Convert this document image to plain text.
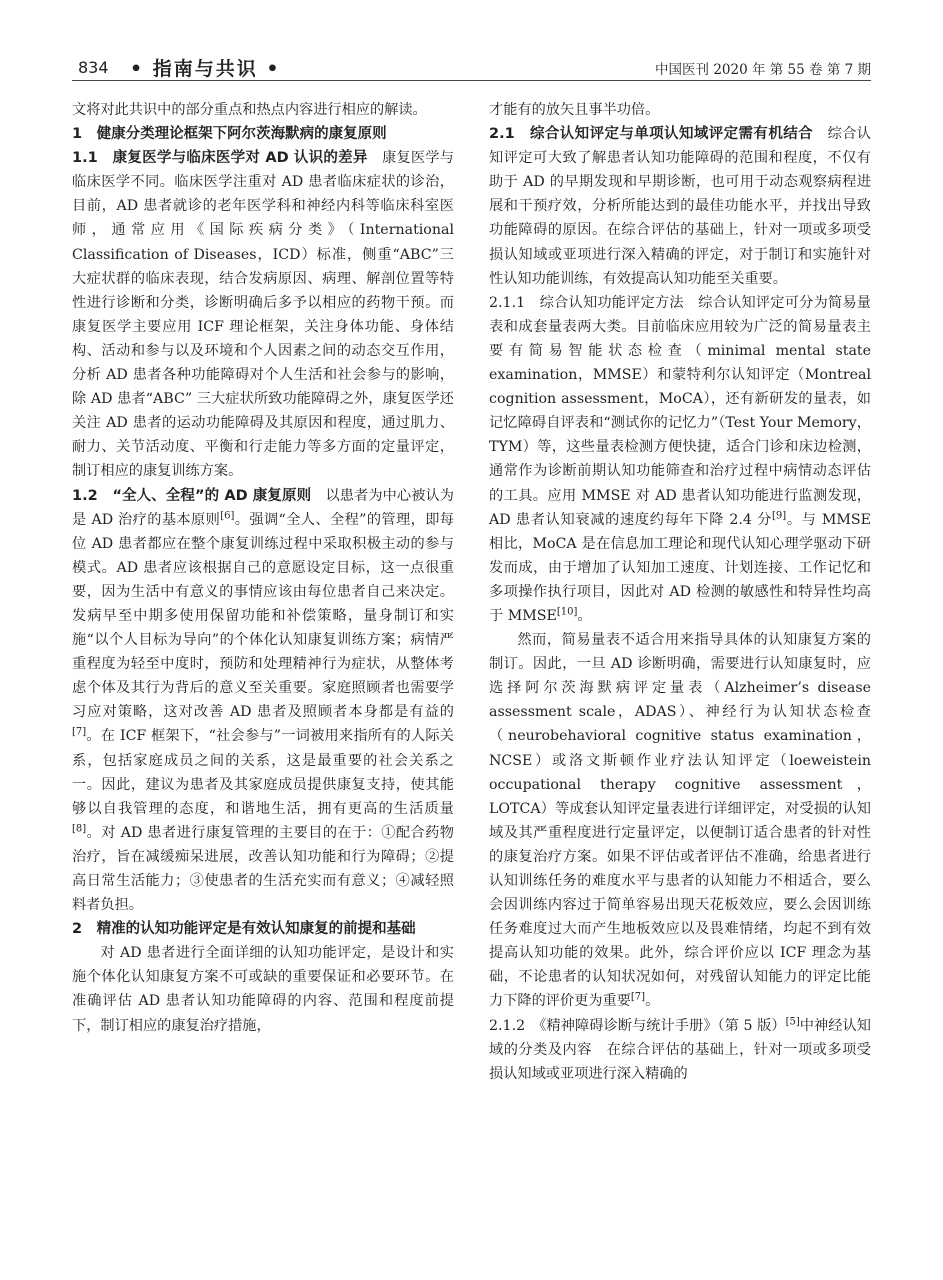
834 • 指南与共识 •	中国医刊 2020 年 第 55 卷 第 7 期

文将对此共识中的部分重点和热点内容进行相应的解读。

1　健康分类理论框架下阿尔茨海默病的康复原则

1.1　康复医学与临床医学对 AD 认识的差异　 康复医学与临床医学不同。临床医学注重对 AD 患者临床症状的诊治，目前，AD 患者就诊的老年医学科和神经内科等临床科室医师，通常应用《国际疾病分类》（International Classification of Diseases，ICD）标准，侧重“ABC”三大症状群的临床表现，结合发病原因、病理、解剖位置等特性进行诊断和分类，诊断明确后多予以相应的药物干预。而康复医学主要应用 ICF 理论框架，关注身体功能、身体结构、活动和参与以及环境和个人因素之间的动态交互作用，分析 AD 患者各种功能障碍对个人生活和社会参与的影响，除 AD 患者“ABC” 三大症状所致功能障碍之外，康复医学还关注 AD 患者的运动功能障碍及其原因和程度，通过肌力、耐力、关节活动度、平衡和行走能力等多方面的定量评定，制订相应的康复训练方案。

1.2　“全人、全程”的 AD 康复原则　 以患者为中心被认为是 AD 治疗的基本原则[6]。强调“全人、全程”的管理，即每位 AD 患者都应在整个康复训练过程中采取积极主动的参与模式。AD 患者应该根据自己的意愿设定目标，这一点很重要，因为生活中有意义的事情应该由每位患者自己来决定。发病早至中期多使用保留功能和补偿策略，量身制订和实施“以个人目标为导向”的个体化认知康复训练方案；病情严重程度为轻至中度时，预防和处理精神行为症状，从整体考虑个体及其行为背后的意义至关重要。家庭照顾者也需要学习应对策略，这对改善 AD 患者及照顾者本身都是有益的[7]。在 ICF 框架下，“社会参与”一词被用来指所有的人际关系，包括家庭成员之间的关系，这是最重要的社会关系之一。因此，建议为患者及其家庭成员提供康复支持，使其能够以自我管理的态度，和谐地生活，拥有更高的生活质量[8]。对 AD 患者进行康复管理的主要目的在于：①配合药物治疗，旨在减缓痴呆进展，改善认知功能和行为障碍；②提高日常生活能力；③使患者的生活充实而有意义；④减轻照料者负担。

2　精准的认知功能评定是有效认知康复的前提和基础

对 AD 患者进行全面详细的认知功能评定，是设计和实施个体化认知康复方案不可或缺的重要保证和必要环节。在准确评估 AD 患者认知功能障碍的内容、范围和程度前提下，制订相应的康复治疗措施，

才能有的放矢且事半功倍。

2.1　综合认知评定与单项认知域评定需有机结合　 综合认知评定可大致了解患者认知功能障碍的范围和程度，不仅有助于 AD 的早期发现和早期诊断，也可用于动态观察病程进展和干预疗效，分析所能达到的最佳功能水平，并找出导致功能障碍的原因。在综合评估的基础上，针对一项或多项受损认知域或亚项进行深入精确的评定，对于制订和实施针对性认知功能训练，有效提高认知功能至关重要。

2.1.1　综合认知功能评定方法　 综合认知评定可分为简易量表和成套量表两大类。目前临床应用较为广泛的简易量表主要有简易智能状态检查（minimal mental state examination，MMSE）和蒙特利尔认知评定（Montreal cognition assessment，MoCA），还有新研发的量表，如记忆障碍自评表和“测试你的记忆力”（Test Your Memory，TYM）等，这些量表检测方便快捷，适合门诊和床边检测，通常作为诊断前期认知功能筛查和治疗过程中病情动态评估的工具。应用 MMSE 对 AD 患者认知功能进行监测发现，AD 患者认知衰减的速度约每年下降 2.4 分[9]。与 MMSE 相比，MoCA 是在信息加工理论和现代认知心理学驱动下研发而成，由于增加了认知加工速度、计划连接、工作记忆和多项操作执行项目，因此对 AD 检测的敏感性和特异性均高于 MMSE[10]。

然而，简易量表不适合用来指导具体的认知康复方案的制订。因此，一旦 AD 诊断明确，需要进行认知康复时，应选择阿尔茨海默病评定量表（Alzheimer’s disease assessment scale，ADAS）、神经行为认知状态检查（neurobehavioral cognitive status examination，NCSE）或洛文斯顿作业疗法认知评定（loeweistein occupational therapy cognitive assessment，LOTCA）等成套认知评定量表进行详细评定，对受损的认知域及其严重程度进行定量评定，以便制订适合患者的针对性的康复治疗方案。如果不评估或者评估不准确，给患者进行认知训练任务的难度水平与患者的认知能力不相适合，要么会因训练内容过于简单容易出现天花板效应，要么会因训练任务难度过大而产生地板效应以及畏难情绪，均起不到有效提高认知功能的效果。此外，综合评价应以 ICF 理念为基础，不论患者的认知状况如何，对残留认知能力的评定比能力下降的评价更为重要[7]。

2.1.2　《精神障碍诊断与统计手册》（第 5 版）[5]中神经认知域的分类及内容　 在综合评估的基础上，针对一项或多项受损认知域或亚项进行深入精确的
